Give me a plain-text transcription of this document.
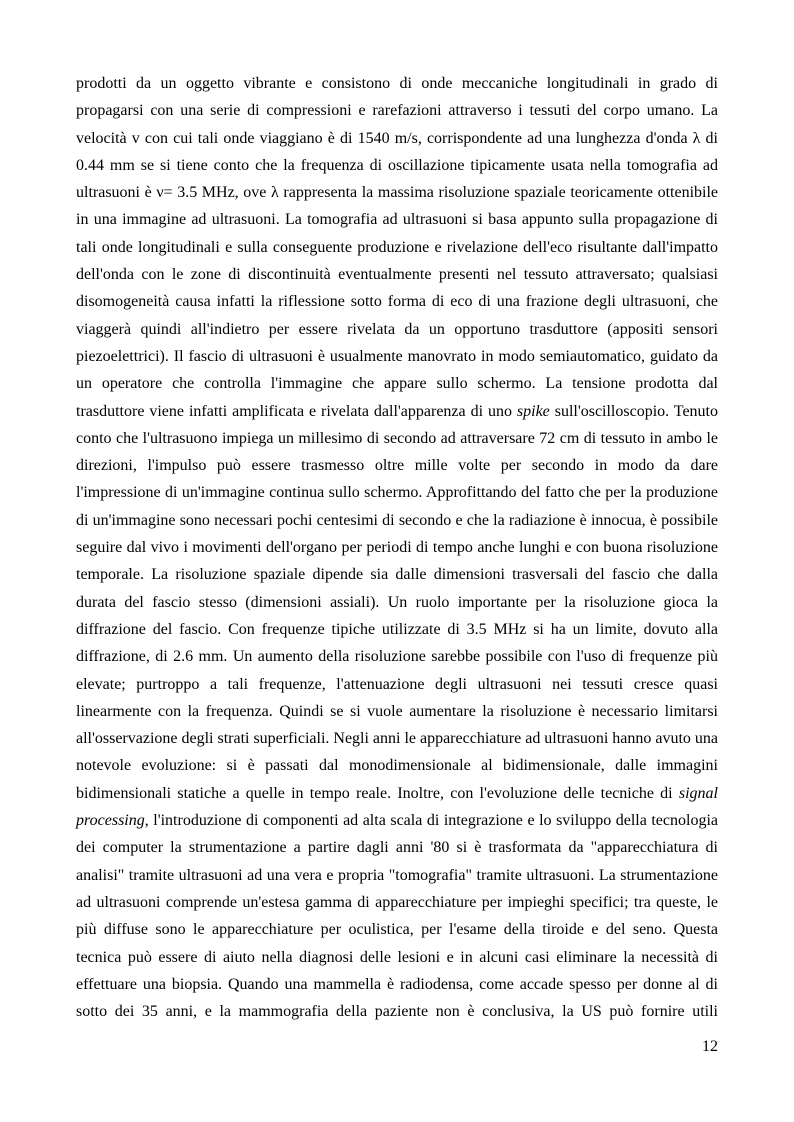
prodotti da un oggetto vibrante e consistono di onde meccaniche longitudinali in grado di
propagarsi con una serie di compressioni e rarefazioni attraverso i tessuti del corpo umano. La
velocità v con cui tali onde viaggiano è di 1540 m/s, corrispondente ad una lunghezza d'onda λ di
0.44 mm se si tiene conto che la frequenza di oscillazione tipicamente usata nella tomografia ad
ultrasuoni è ν= 3.5 MHz, ove λ rappresenta la massima risoluzione spaziale teoricamente ottenibile
in una immagine ad ultrasuoni. La tomografia ad ultrasuoni si basa appunto sulla propagazione di
tali onde longitudinali e sulla conseguente produzione e rivelazione dell'eco risultante dall'impatto
dell'onda con le zone di discontinuità eventualmente presenti nel tessuto attraversato; qualsiasi
disomogeneità causa infatti la riflessione sotto forma di eco di una frazione degli ultrasuoni, che
viaggerà quindi all'indietro per essere rivelata da un opportuno trasduttore (appositi sensori
piezoelettrici). Il fascio di ultrasuoni è usualmente manovrato in modo semiautomatico, guidato da
un operatore che controlla l'immagine che appare sullo schermo. La tensione prodotta dal
trasduttore viene infatti amplificata e rivelata dall'apparenza di uno spike sull'oscilloscopio. Tenuto
conto che l'ultrasuono impiega un millesimo di secondo ad attraversare 72 cm di tessuto in ambo le
direzioni, l'impulso può essere trasmesso oltre mille volte per secondo in modo da dare
l'impressione di un'immagine continua sullo schermo. Approfittando del fatto che per la produzione
di un'immagine sono necessari pochi centesimi di secondo e che la radiazione è innocua, è possibile
seguire dal vivo i movimenti dell'organo per periodi di tempo anche lunghi e con buona risoluzione
temporale. La risoluzione spaziale dipende sia dalle dimensioni trasversali del fascio che dalla
durata del fascio stesso (dimensioni assiali). Un ruolo importante per la risoluzione gioca la
diffrazione del fascio. Con frequenze tipiche utilizzate di 3.5 MHz si ha un limite, dovuto alla
diffrazione, di 2.6 mm. Un aumento della risoluzione sarebbe possibile con l'uso di frequenze più
elevate; purtroppo a tali frequenze, l'attenuazione degli ultrasuoni nei tessuti cresce quasi
linearmente con la frequenza. Quindi se si vuole aumentare la risoluzione è necessario limitarsi
all'osservazione degli strati superficiali. Negli anni le apparecchiature ad ultrasuoni hanno avuto una
notevole evoluzione: si è passati dal monodimensionale al bidimensionale, dalle immagini
bidimensionali statiche a quelle in tempo reale. Inoltre, con l'evoluzione delle tecniche di signal
processing, l'introduzione di componenti ad alta scala di integrazione e lo sviluppo della tecnologia
dei computer la strumentazione a partire dagli anni '80 si è trasformata da "apparecchiatura di
analisi" tramite ultrasuoni ad una vera e propria "tomografia" tramite ultrasuoni. La strumentazione
ad ultrasuoni comprende un'estesa gamma di apparecchiature per impieghi specifici; tra queste, le
più diffuse sono le apparecchiature per oculistica, per l'esame della tiroide e del seno. Questa
tecnica può essere di aiuto nella diagnosi delle lesioni e in alcuni casi eliminare la necessità di
effettuare una biopsia. Quando una mammella è radiodensa, come accade spesso per donne al di
sotto dei 35 anni, e la mammografia della paziente non è conclusiva, la US può fornire utili
12
